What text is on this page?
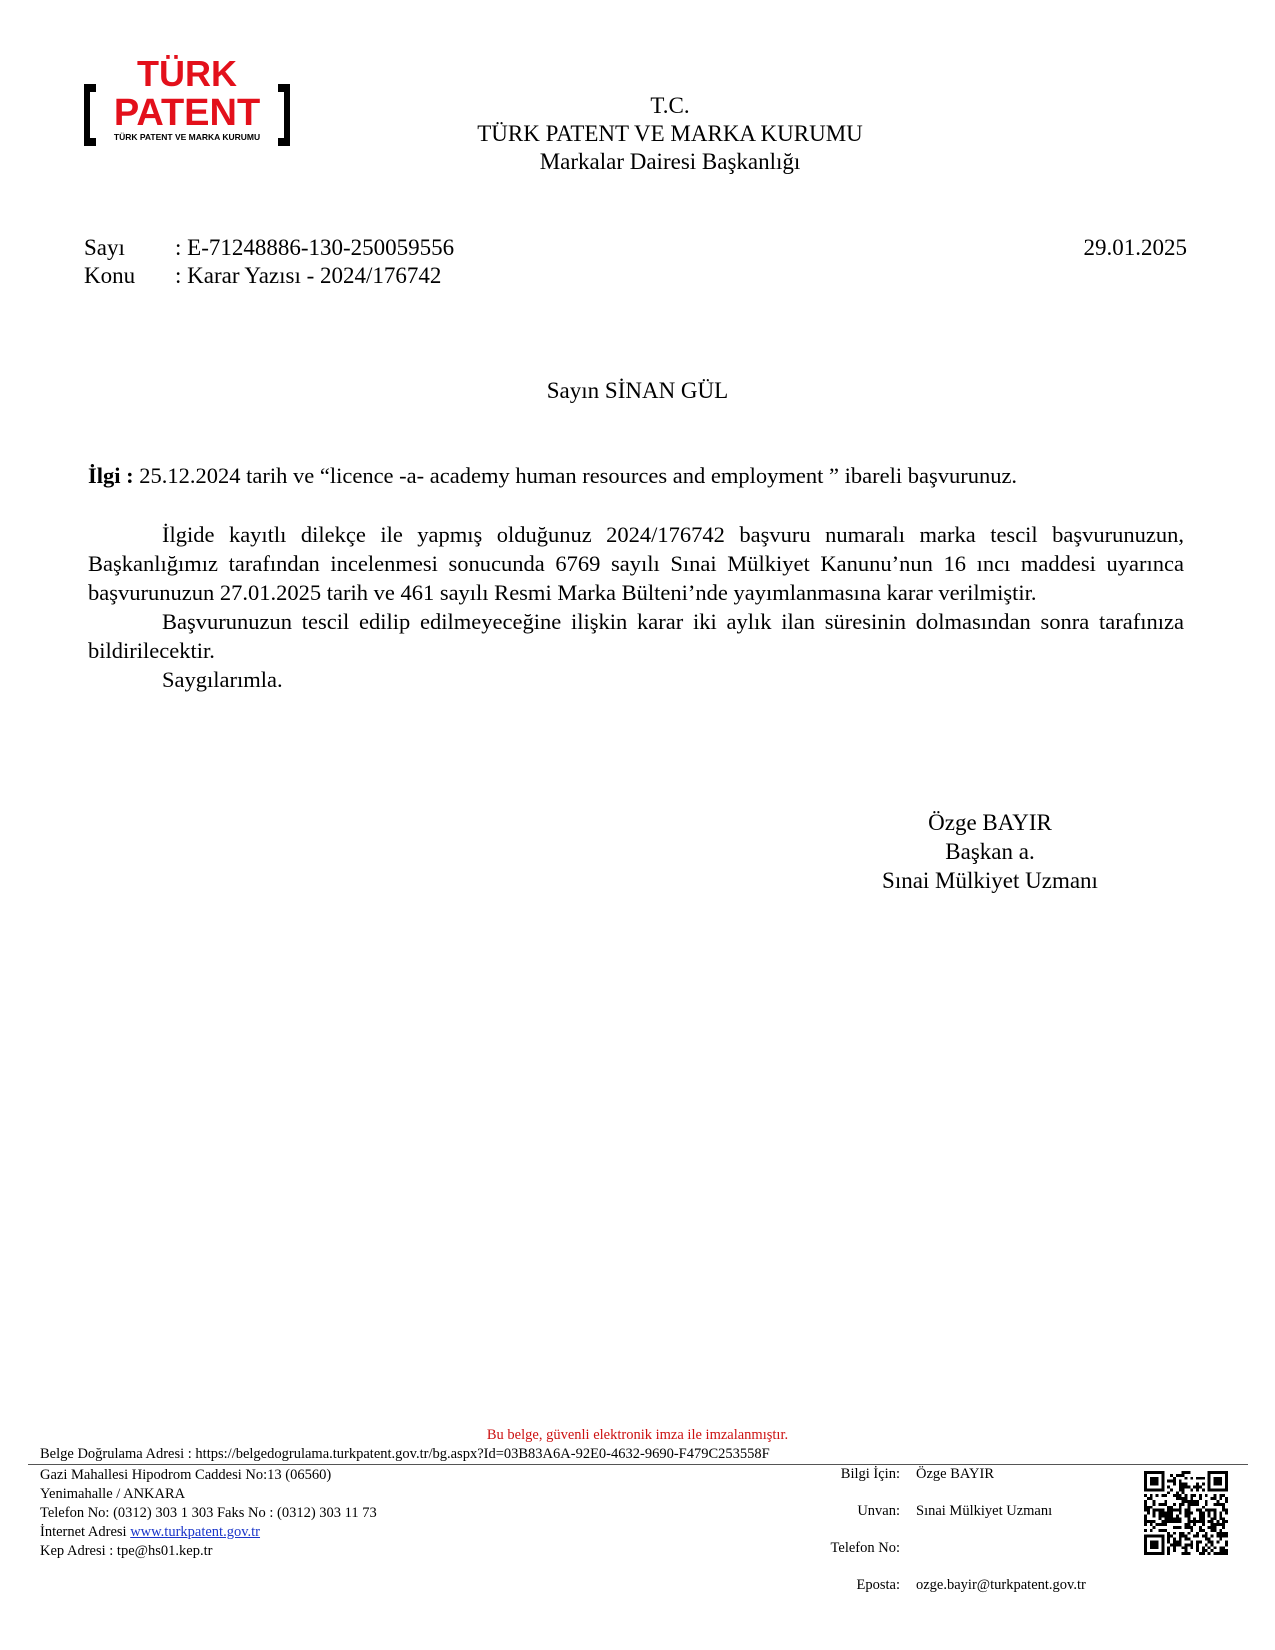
TÜRK
PATENT
TÜRK PATENT VE MARKA KURUMU
T.C.
TÜRK PATENT VE MARKA KURUMU
Markalar Dairesi Başkanlığı
Sayı : E-71248886-130-250059556
Konu : Karar Yazısı - 2024/176742
29.01.2025
Sayın SİNAN GÜL
İlgi : 25.12.2024 tarih ve “licence -a- academy human resources and employment ” ibareli başvurunuz.

İlgide kayıtlı dilekçe ile yapmış olduğunuz 2024/176742 başvuru numaralı marka tescil başvurunuzun, Başkanlığımız tarafından incelenmesi sonucunda 6769 sayılı Sınai Mülkiyet Kanunu’nun 16 ıncı maddesi uyarınca başvurunuzun 27.01.2025 tarih ve 461 sayılı Resmi Marka Bülteni’nde yayımlanmasına karar verilmiştir.

Başvurunuzun tescil edilip edilmeyeceğine ilişkin karar iki aylık ilan süresinin dolmasından sonra tarafınıza bildirilecektir.

Saygılarımla.

Özge BAYIR
Başkan a.
Sınai Mülkiyet Uzmanı
Bu belge, güvenli elektronik imza ile imzalanmıştır.
Belge Doğrulama Adresi : https://belgedogrulama.turkpatent.gov.tr/bg.aspx?Id=03B83A6A-92E0-4632-9690-F479C253558F
Gazi Mahallesi Hipodrom Caddesi No:13 (06560)
Yenimahalle / ANKARA
Telefon No: (0312) 303 1 303 Faks No : (0312) 303 11 73
İnternet Adresi www.turkpatent.gov.tr
Kep Adresi : tpe@hs01.kep.tr
Bilgi İçin: Özge BAYIR
Unvan: Sınai Mülkiyet Uzmanı
Telefon No:
Eposta: ozge.bayir@turkpatent.gov.tr
